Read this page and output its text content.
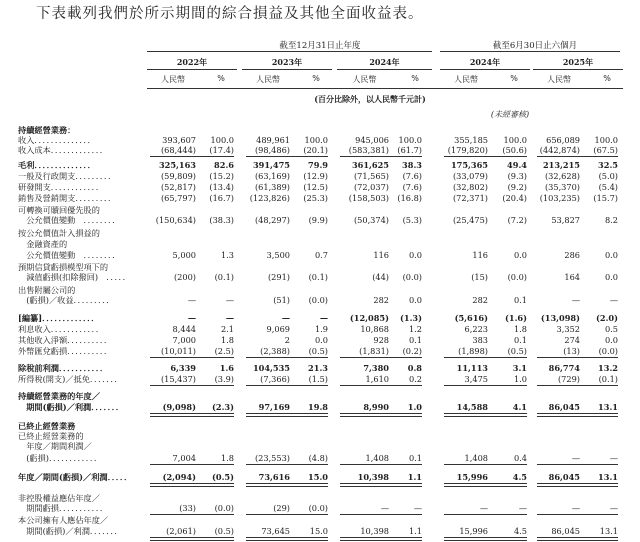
下表載列我們於所示期間的綜合損益及其他全面收益表。
截至12月31日止年度	截至6月30日止六個月
2022年	2023年	2024年	2024年	2025年
人民幣	%	人民幣	%	人民幣	%	人民幣	%	人民幣	%
(百分比除外，以人民幣千元計)
(未經審核)
持續經營業務：
收入．．．．．．．．．．．．．．	393,607 100.0	489,961 100.0	945,006 100.0	355,185 100.0 656,089 100.0
收入成本．．．．．．．．．．．．．	(68,444) (17.4)	(98,486) (20.1)	(583,381) (61.7)	(179,820) (50.6) (442,874) (67.5)
毛利．．．．．．．．．．．．．．	325,163 82.6 391,475 79.9	361,625 38.3	175,365 49.4 213,215 32.5
一般及行政開支．．．．．．．．．	(59,809) (15.2)	(63,169) (12.9)	(71,565) (7.6)	(33,079) (9.3) (32,628) (5.0)
研發開支．．．．．．．．．．．．	(52,817) (13.4)	(61,389) (12.5)	(72,037) (7.6)	(32,802) (9.2) (35,370) (5.4)
銷售及營銷開支．．．．．．．．．	(65,797) (16.7) (123,826) (25.3)	(158,503) (16.8)	(72,371) (20.4) (103,235) (15.7)
可轉換可贖回優先股的
　公允價值變動　．．．．．．．．	(150,634) (38.3)	(48,297) (9.9)	(50,374) (5.3)	(25,475) (7.2)	53,827	8.2
按公允價值計入損益的
　金融資產的
　公允價值變動　．．．．．．．．	5,000	1.3	3,500	0.7	116 0.0	116	0.0	286	0.0
預期信貸虧損模型項下的
　減值虧損(扣除撥回)　．．．．．	(200) (0.1)	(291) (0.1)	(44) (0.0)	(15) (0.0)	164	0.0
出售附屬公司的
　(虧損)／收益．．．．．．．．．	—	—	(51) (0.0)	282 0.0	282	0.1	—	—
[編纂]．．．．．．．．．．．．．	—	—	—	—	(12,085) (1.3)	(5,616) (1.6) (13,098) (2.0)
利息收入．．．．．．．．．．．．	8,444	2.1	9,069	1.9	10,868 1.2	6,223	1.8	3,352	0.5
其他收入淨額．．．．．．．．．．	7,000	1.8	2	0.0	928 0.1	383	0.1	274	0.0
外幣匯兌虧損．．．．．．．．．．	(10,011) (2.5)	(2,388) (0.5)	(1,831) (0.2)	(1,898) (0.5)	(13) (0.0)
除稅前利潤．．．．．．．．．．．	6,339	1.6 104,535 21.3	7,380 0.8	11,113	3.1	86,774 13.2
所得稅(開支)／抵免．．．．．．．	(15,437) (3.9)	(7,366) (1.5)	1,610 0.2	3,475	1.0	(729) (0.1)
持續經營業務的年度／
　期間(虧損)／利潤．．．．．．．	(9,098) (2.3)	97,169 19.8	8,990 1.0	14,588	4.1	86,045 13.1
已終止經營業務
已終止經營業務的
　年度／期間利潤／
　(虧損)．．．．．．．．．．．．	7,004	1.8	(23,553) (4.8)	1,408 0.1	1,408	0.4	—	—
年度／期間(虧損)／利潤．．．．．	(2,094) (0.5)	73,616 15.0	10,398 1.1	15,996	4.5	86,045 13.1
非控股權益應佔年度／
　期間虧損．．．．．．．．．．．	(33) (0.0)	(29) (0.0)	—	—	—	—	—	—
本公司擁有人應佔年度／
　期間(虧損)／利潤．．．．．．．	(2,061) (0.5)	73,645 15.0	10,398 1.1	15,996	4.5	86,045 13.1
